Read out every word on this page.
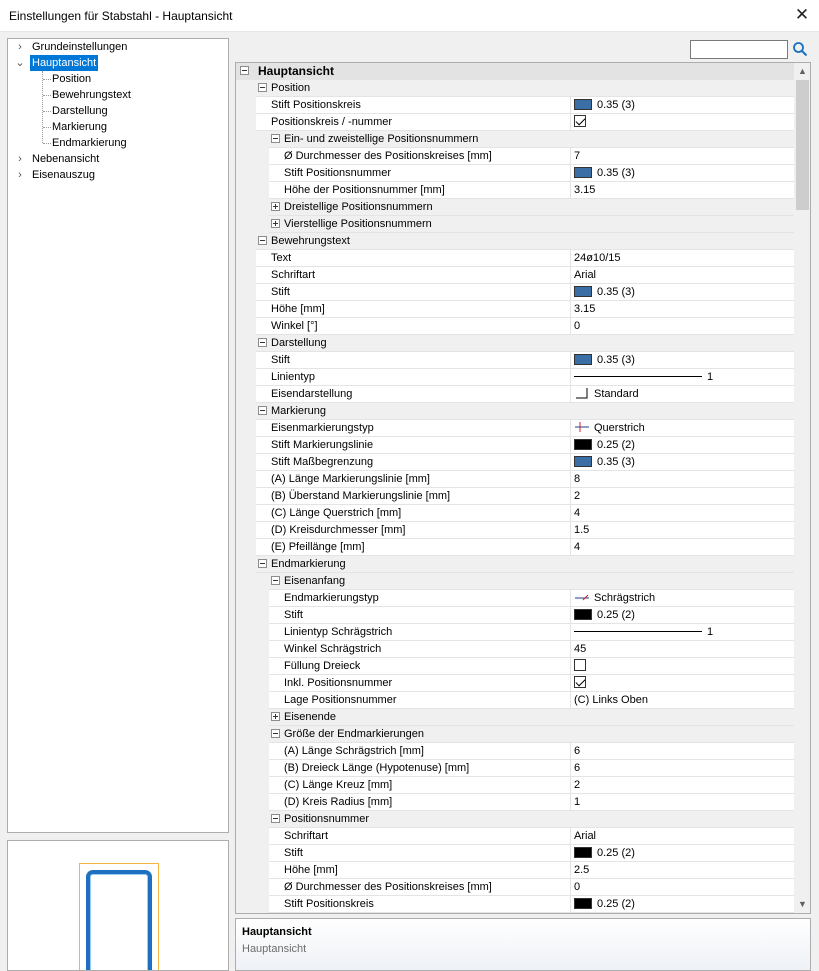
Einstellungen für Stabstahl - Hauptansicht	✕
› Grundeinstellungen
⌄ Hauptansicht
Position
Bewehrungstext
Darstellung
Markierung
Endmarkierung
› Nebenansicht
› Eisenauszug
Hauptansicht
Position
Stift Positionskreis	0.35 (3)
Positionskreis / -nummer
Ein- und zweistellige Positionsnummern
Ø Durchmesser des Positionskreises [mm]	7
Stift Positionsnummer	0.35 (3)
Höhe der Positionsnummer [mm]	3.15
Dreistellige Positionsnummern
Vierstellige Positionsnummern
Bewehrungstext
Text	24ø10/15
Schriftart	Arial
Stift	0.35 (3)
Höhe [mm]	3.15
Winkel [°]	0
Darstellung
Stift	0.35 (3)
Linientyp	1
Eisendarstellung	Standard
Markierung
Eisenmarkierungstyp	Querstrich
Stift Markierungslinie	0.25 (2)
Stift Maßbegrenzung	0.35 (3)
(A) Länge Markierungslinie [mm]	8
(B) Überstand Markierungslinie [mm]	2
(C) Länge Querstrich [mm]	4
(D) Kreisdurchmesser [mm]	1.5
(E) Pfeillänge [mm]	4
Endmarkierung
Eisenanfang
Endmarkierungstyp	Schrägstrich
Stift	0.25 (2)
Linientyp Schrägstrich	1
Winkel Schrägstrich	45
Füllung Dreieck
Inkl. Positionsnummer
Lage Positionsnummer	(C) Links Oben
Eisenende
Größe der Endmarkierungen
(A) Länge Schrägstrich [mm]	6
(B) Dreieck Länge (Hypotenuse) [mm]	6
(C) Länge Kreuz [mm]	2
(D) Kreis Radius [mm]	1
Positionsnummer
Schriftart	Arial
Stift	0.25 (2)
Höhe [mm]	2.5
Ø Durchmesser des Positionskreises [mm]	0
Stift Positionskreis	0.25 (2)
▲
▼
Hauptansicht
Hauptansicht
